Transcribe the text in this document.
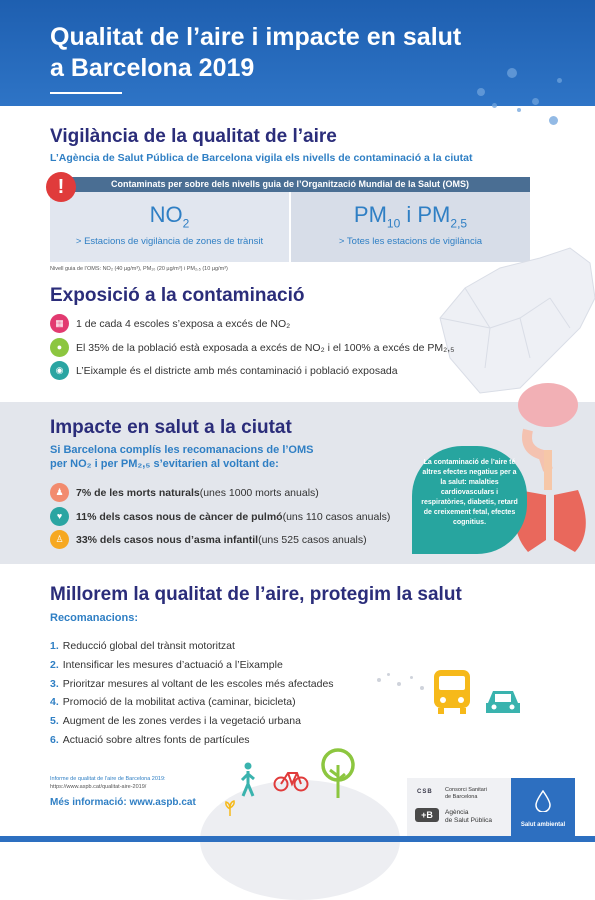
Qualitat de l’aire i impacte en salut
a Barcelona 2019
Vigilància de la qualitat de l’aire
L’Agència de Salut Pública de Barcelona vigila els nivells de contaminació a la ciutat
Contaminats per sobre dels nivells guia de l’Organització Mundial de la Salut (OMS)
$NO_2$
> Estacions de vigilància de zones de trànsit
$PM_{10}$ i $PM_{2,5}$
> Totes les estacions de vigilància
!
Nivell guia de l’OMS: NO₂ (40 µg/m³), PM₁₀ (20 µg/m³) i PM₂,₅ (10 µg/m³)
Exposició a la contaminació
▦	1 de cada 4 escoles s’exposa a excés de NO₂
●	El 35% de la població està exposada a excés de NO₂ i el 100% a excés de PM₂,₅
◉	L’Eixample és el districte amb més contaminació i població exposada
Impacte en salut a la ciutat
Si Barcelona complís les recomanacions de l’OMS
per NO₂ i per PM₂,₅ s’evitarien al voltant de:
♟	7% de les morts naturals (unes 1000 morts anuals)
♥	11% dels casos nous de càncer de pulmó (uns 110 casos anuals)
♙	33% dels casos nous d’asma infantil (uns 525 casos anuals)
La contaminació de l’aire té altres efectes negatius per a la salut: malalties cardiovasculars i respiratòries, diabetis, retard de creixement fetal, efectes cognitius.
Millorem la qualitat de l’aire, protegim la salut
Recomanacions:
1. Reducció global del trànsit motoritzat
2. Intensificar les mesures d’actuació a l’Eixample
3. Prioritzar mesures al voltant de les escoles més afectades
4. Promoció de la mobilitat activa (caminar, bicicleta)
5. Augment de les zones verdes i la vegetació urbana
6. Actuació sobre altres fonts de partícules
Informe de qualitat de l’aire de Barcelona 2019:
https://www.aspb.cat/qualitat-aire-2019/
Més informació: www.aspb.cat
CSB Consorci Sanitari
de Barcelona
+B	Agència
de Salut Pública
Salut ambiental
